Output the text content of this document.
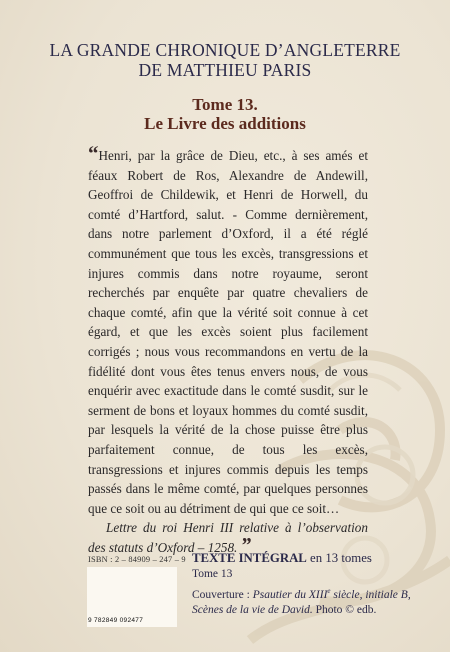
LA GRANDE CHRONIQUE D’ANGLETERRE
DE MATTHIEU PARIS
Tome 13.
Le Livre des additions
“Henri, par la grâce de Dieu, etc., à ses amés et féaux Robert de Ros, Alexandre de Andewill, Geoffroi de Childewik, et Henri de Horwell, du comté d’Hartford, salut. - Comme dernièrement, dans notre parlement d’Oxford, il a été réglé communément que tous les excès, transgressions et injures commis dans notre royaume, seront recherchés par enquête par quatre chevaliers de chaque comté, afin que la vérité soit connue à cet égard, et que les excès soient plus facilement corrigés ; nous vous recommandons en vertu de la fidélité dont vous êtes tenus envers nous, de vous enquérir avec exactitude dans le comté susdit, sur le serment de bons et loyaux hommes du comté susdit, par lesquels la vérité de la chose puisse être plus parfaitement connue, de tous les excès, transgressions et injures commis depuis les temps passés dans le même comté, par quelques personnes que ce soit ou au détriment de qui que ce soit…
Lettre du roi Henri III relative à l’observation des statuts d’Oxford – 1258. ”
ISBN : 2 – 84909 – 247 – 9
9 782849 092477
TEXTE INTÉGRAL en 13 tomes
Tome 13
Couverture : Psautier du XIIIe siècle, initiale B,
Scènes de la vie de David. Photo © edb.
